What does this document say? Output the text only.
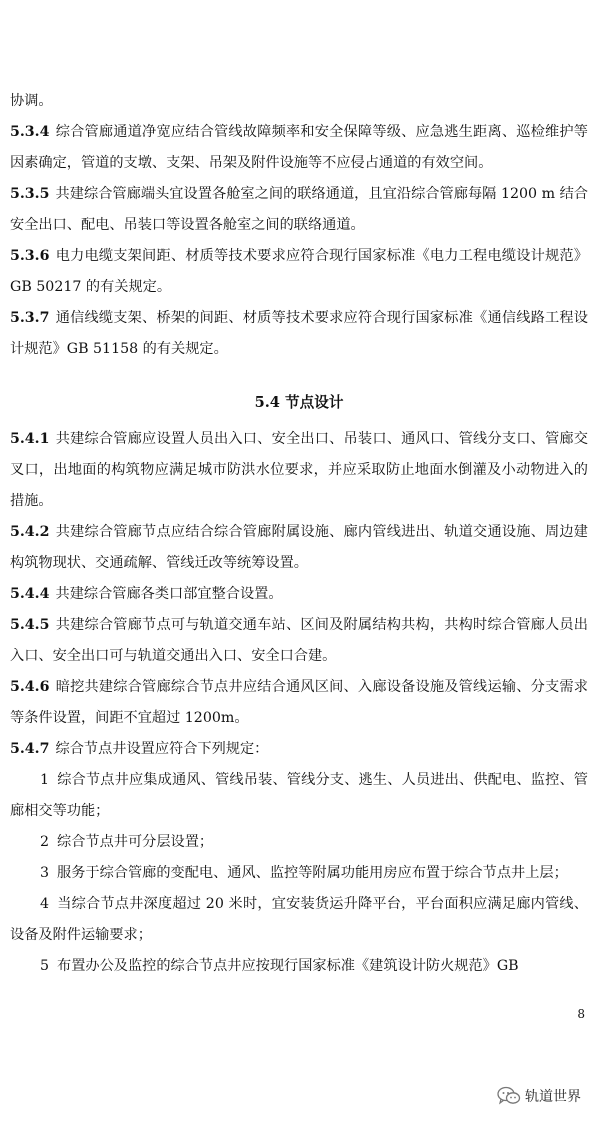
协调。

5.3.4 综合管廊通道净宽应结合管线故障频率和安全保障等级、应急逃生距离、巡检维护等因素确定，管道的支墩、支架、吊架及附件设施等不应侵占通道的有效空间。

5.3.5 共建综合管廊端头宜设置各舱室之间的联络通道，且宜沿综合管廊每隔 1200 m 结合安全出口、配电、吊装口等设置各舱室之间的联络通道。

5.3.6 电力电缆支架间距、材质等技术要求应符合现行国家标准《电力工程电缆设计规范》GB 50217 的有关规定。

5.3.7 通信线缆支架、桥架的间距、材质等技术要求应符合现行国家标准《通信线路工程设计规范》GB 51158 的有关规定。

5.4 节点设计

5.4.1 共建综合管廊应设置人员出入口、安全出口、吊装口、通风口、管线分支口、管廊交叉口，出地面的构筑物应满足城市防洪水位要求，并应采取防止地面水倒灌及小动物进入的措施。

5.4.2 共建综合管廊节点应结合综合管廊附属设施、廊内管线进出、轨道交通设施、周边建构筑物现状、交通疏解、管线迁改等统筹设置。

5.4.4 共建综合管廊各类口部宜整合设置。

5.4.5 共建综合管廊节点可与轨道交通车站、区间及附属结构共构，共构时综合管廊人员出入口、安全出口可与轨道交通出入口、安全口合建。

5.4.6 暗挖共建综合管廊综合节点井应结合通风区间、入廊设备设施及管线运输、分支需求等条件设置，间距不宜超过 1200m。

5.4.7 综合节点井设置应符合下列规定：

1 综合节点井应集成通风、管线吊装、管线分支、逃生、人员进出、供配电、监控、管廊相交等功能；

2 综合节点井可分层设置；

3 服务于综合管廊的变配电、通风、监控等附属功能用房应布置于综合节点井上层；

4 当综合节点井深度超过 20 米时，宜安装货运升降平台，平台面积应满足廊内管线、设备及附件运输要求；

5 布置办公及监控的综合节点井应按现行国家标准《建筑设计防火规范》GB

8
轨道世界
